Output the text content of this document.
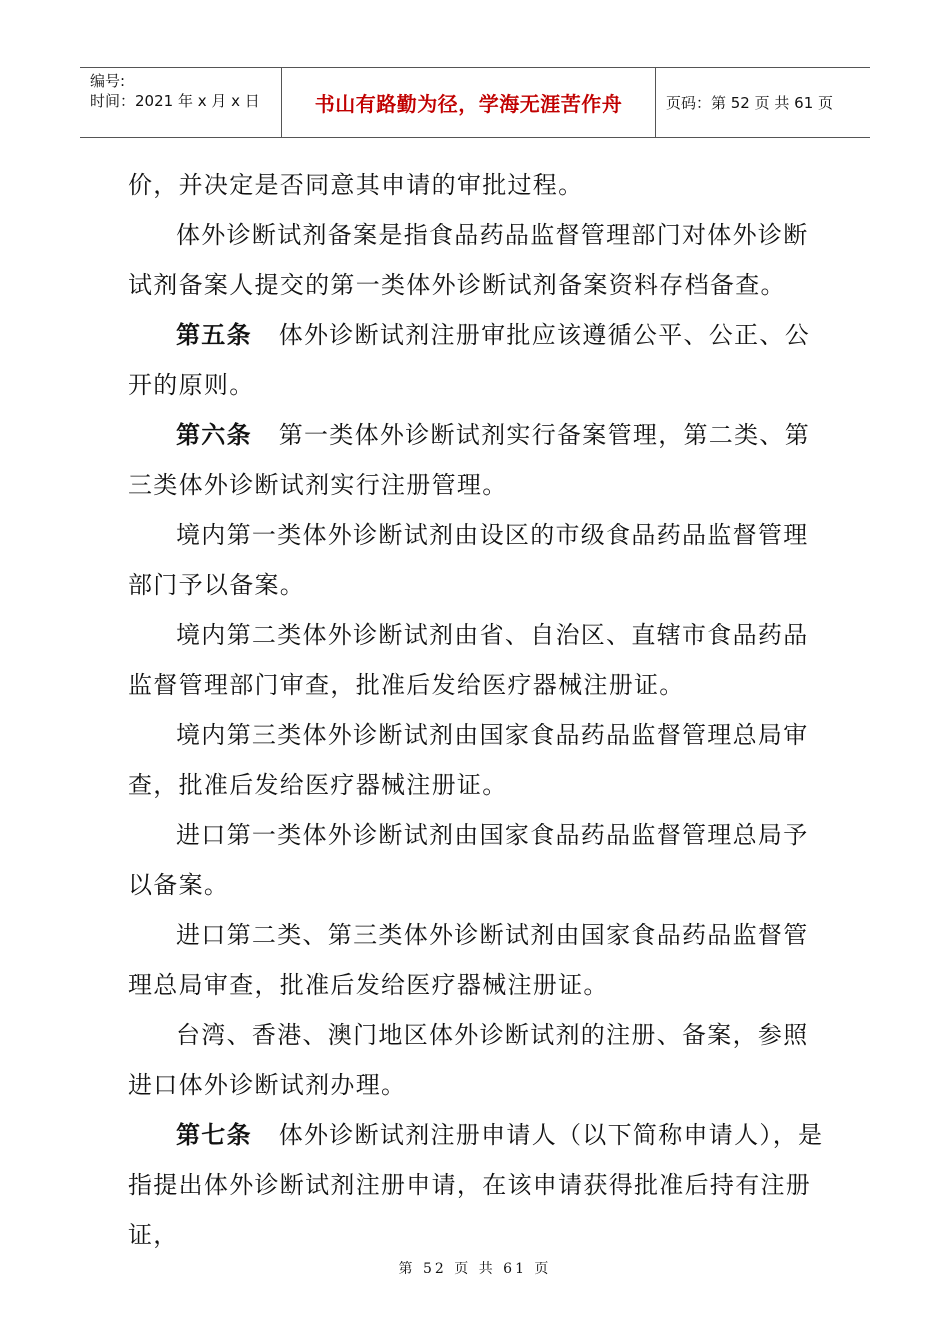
编号:
时间：2021 年 x 月 x 日	书山有路勤为径，学海无涯苦作舟	页码：第 52 页 共 61 页

价，并决定是否同意其申请的审批过程。

体外诊断试剂备案是指食品药品监督管理部门对体外诊断试剂备案人提交的第一类体外诊断试剂备案资料存档备查。

第五条 体外诊断试剂注册审批应该遵循公平、公正、公开的原则。

第六条 第一类体外诊断试剂实行备案管理，第二类、第三类体外诊断试剂实行注册管理。

境内第一类体外诊断试剂由设区的市级食品药品监督管理部门予以备案。

境内第二类体外诊断试剂由省、自治区、直辖市食品药品监督管理部门审查，批准后发给医疗器械注册证。

境内第三类体外诊断试剂由国家食品药品监督管理总局审查，批准后发给医疗器械注册证。

进口第一类体外诊断试剂由国家食品药品监督管理总局予以备案。

进口第二类、第三类体外诊断试剂由国家食品药品监督管理总局审查，批准后发给医疗器械注册证。

台湾、香港、澳门地区体外诊断试剂的注册、备案，参照进口体外诊断试剂办理。

第七条 体外诊断试剂注册申请人（以下简称申请人），是指提出体外诊断试剂注册申请，在该申请获得批准后持有注册证，

第 52 页 共 61 页
